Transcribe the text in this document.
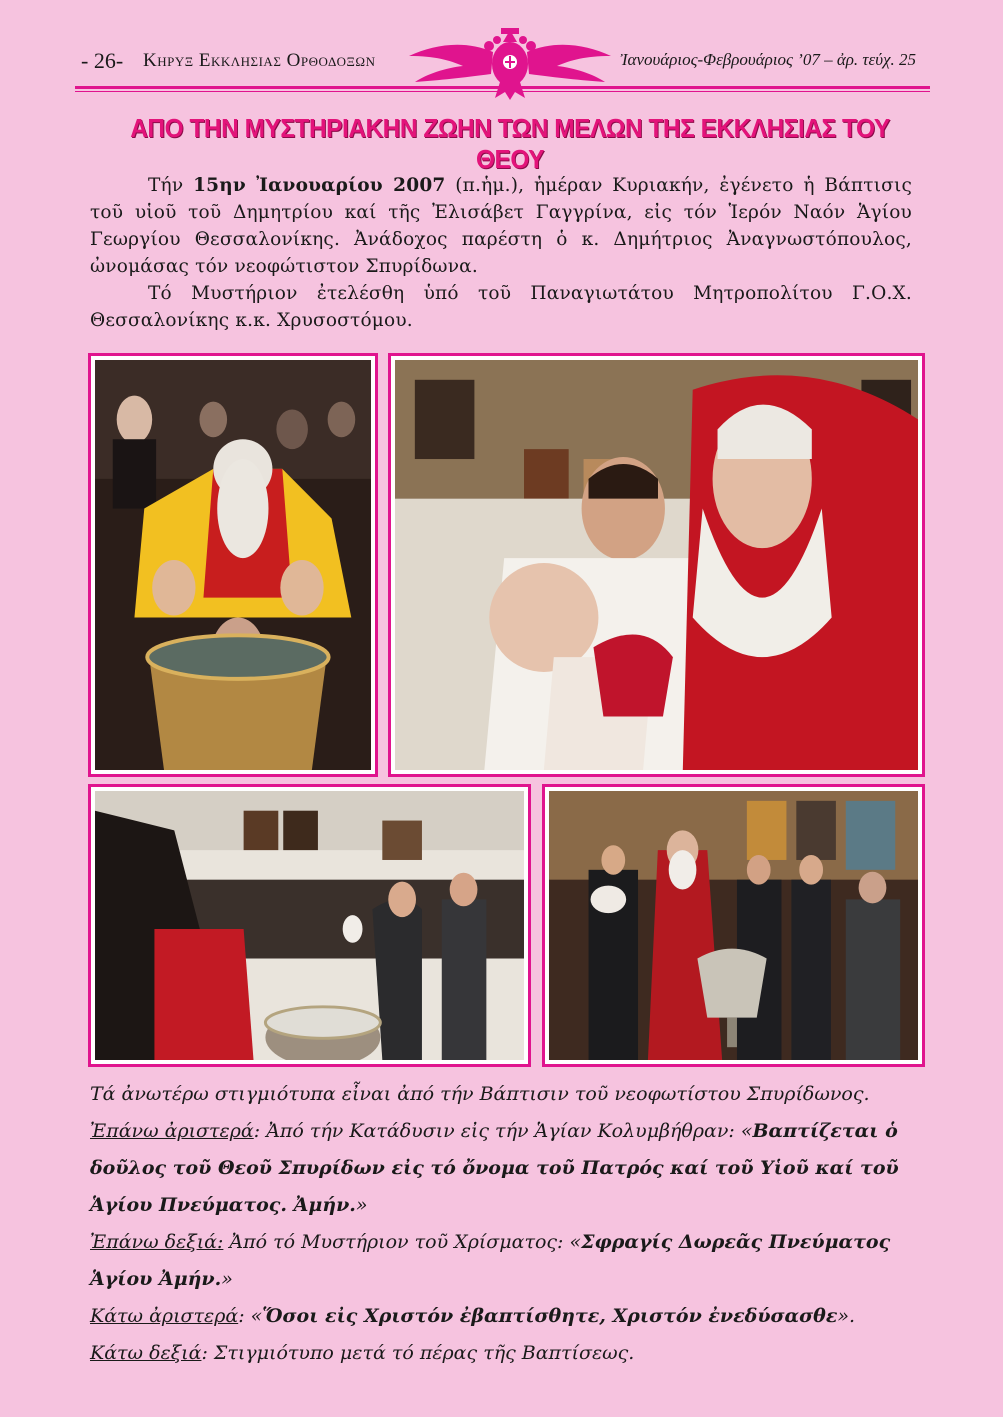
- 26- Κηρυξ Εκκλησιας Ορθοδοξων	Ἰανουάριος-Φεβρουάριος ’07 – ἀρ. τεύχ. 25
ΑΠΟ ΤΗΝ ΜΥΣΤΗΡΙΑΚΗΝ ΖΩΗΝ ΤΩΝ ΜΕΛΩΝ ΤΗΣ ΕΚΚΛΗΣΙΑΣ ΤΟΥ ΘΕΟΥ

Τήν 15ην Ἰανουαρίου 2007 (π.ἡμ.), ἡμέραν Κυριακήν, ἐγένετο ἡ Βάπτισις τοῦ υἱοῦ τοῦ Δημητρίου καί τῆς Ἐλισάβετ Γαγγρίνα, εἰς τόν Ἱερόν Ναόν Ἁγίου Γεωργίου Θεσσαλονίκης. Ἀνάδοχος παρέστη ὁ κ. Δημήτριος Ἀναγνωστόπουλος, ὠνομάσας τόν νεοφώτιστον Σπυρίδωνα.

Τό Μυστήριον ἐτελέσθη ὑπό τοῦ Παναγιωτάτου Μητροπολίτου Γ.Ο.Χ. Θεσσαλονίκης κ.κ. Χρυσοστόμου.

Τά ἀνωτέρω στιγμιότυπα εἶναι ἀπό τήν Βάπτισιν τοῦ νεοφωτίστου Σπυρίδωνος.
Ἐπάνω ἀριστερά: Ἀπό τήν Κατάδυσιν εἰς τήν Ἁγίαν Κολυμβήθραν: «Βαπτίζεται ὁ δοῦλος τοῦ Θεοῦ Σπυρίδων εἰς τό ὄνομα τοῦ Πατρός καί τοῦ Υἱοῦ καί τοῦ Ἁγίου Πνεύματος. Ἀμήν.»
Ἐπάνω δεξιά: Ἀπό τό Μυστήριον τοῦ Χρίσματος: «Σφραγίς Δωρεᾶς Πνεύματος Ἁγίου Ἀμήν.»
Κάτω ἀριστερά: «Ὅσοι εἰς Χριστόν ἐβαπτίσθητε, Χριστόν ἐνεδύσασθε».
Κάτω δεξιά: Στιγμιότυπο μετά τό πέρας τῆς Βαπτίσεως.
